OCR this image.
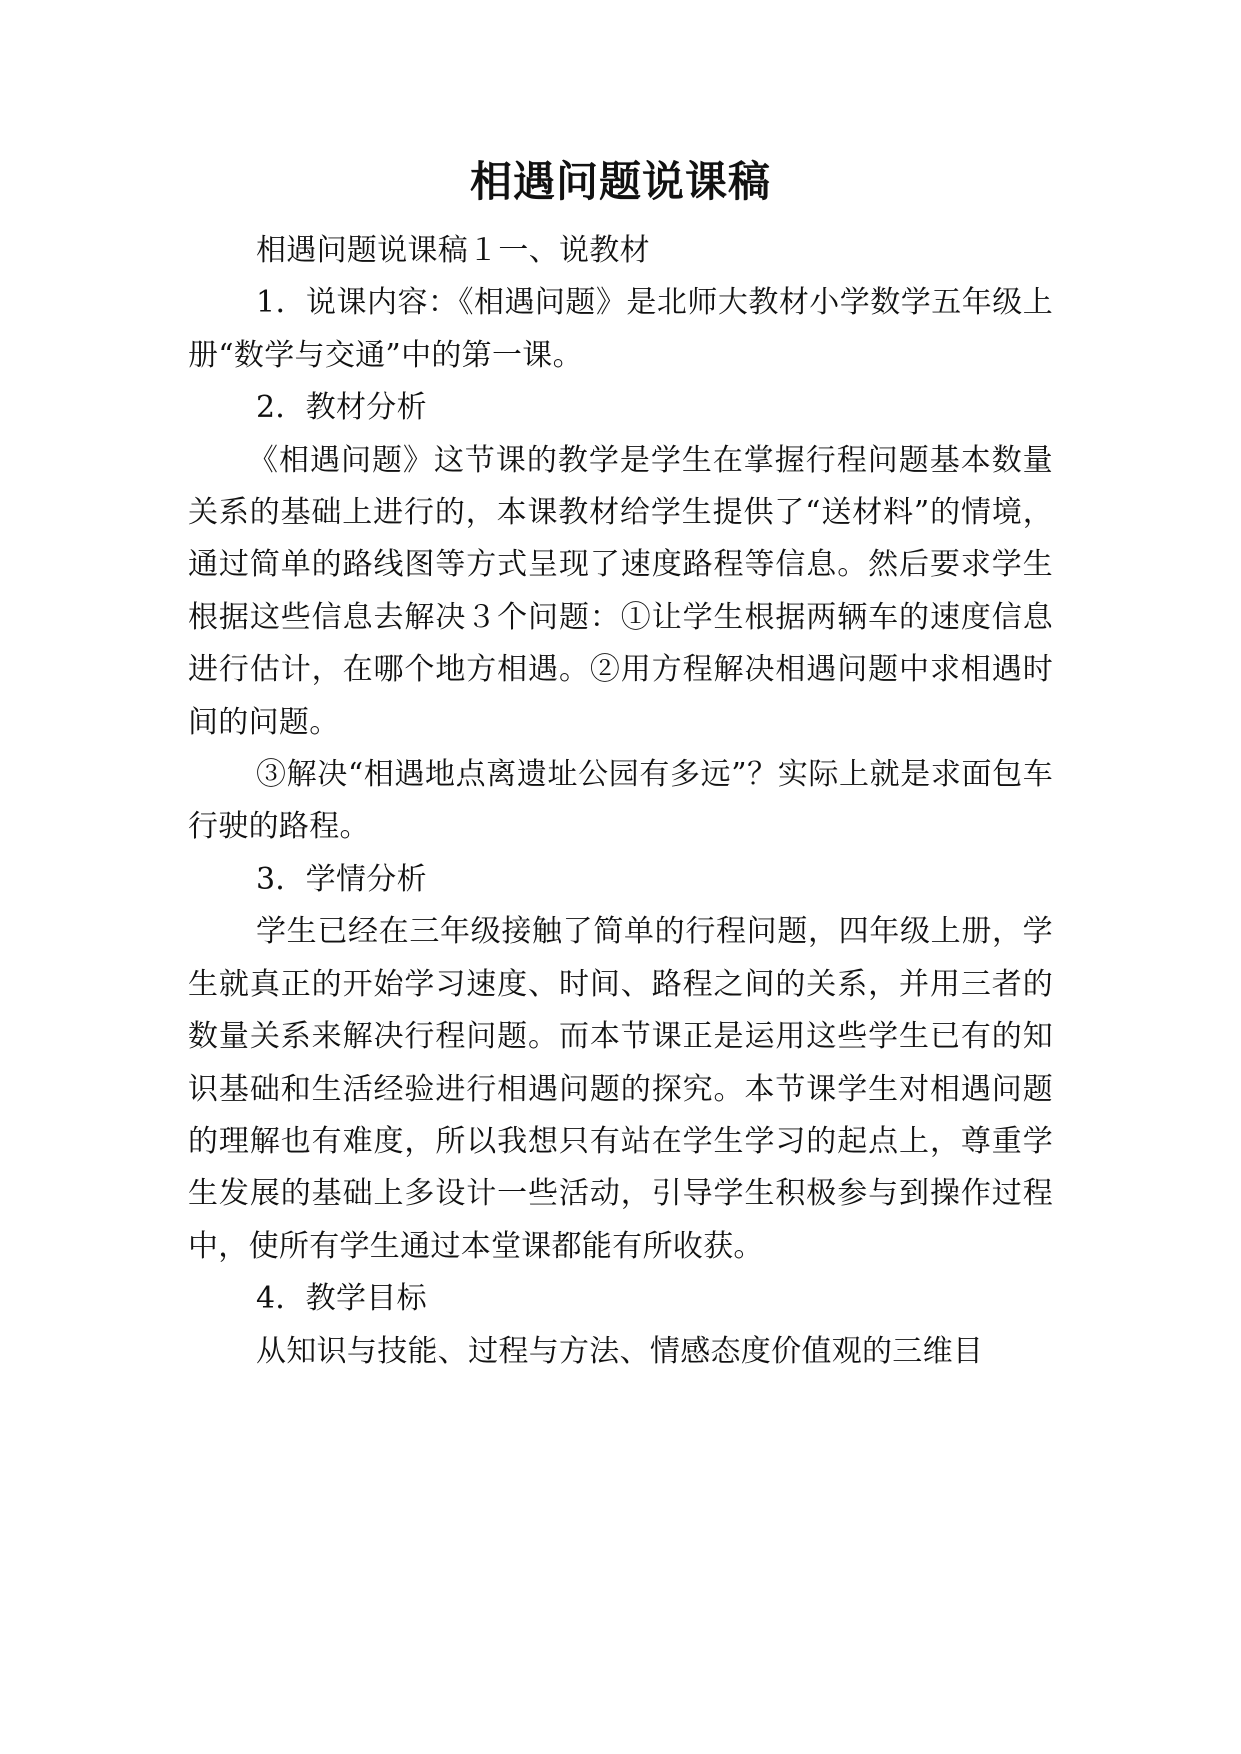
相遇问题说课稿

相遇问题说课稿１一、说教材

1．说课内容：《相遇问题》是北师大教材小学数学五年级上册“数学与交通”中的第一课。

2．教材分析

《相遇问题》这节课的教学是学生在掌握行程问题基本数量关系的基础上进行的，本课教材给学生提供了“送材料”的情境，通过简单的路线图等方式呈现了速度路程等信息。然后要求学生根据这些信息去解决３个问题：①让学生根据两辆车的速度信息进行估计，在哪个地方相遇。②用方程解决相遇问题中求相遇时间的问题。

③解决“相遇地点离遗址公园有多远”？实际上就是求面包车行驶的路程。

3．学情分析

学生已经在三年级接触了简单的行程问题，四年级上册，学生就真正的开始学习速度、时间、路程之间的关系，并用三者的数量关系来解决行程问题。而本节课正是运用这些学生已有的知识基础和生活经验进行相遇问题的探究。本节课学生对相遇问题的理解也有难度，所以我想只有站在学生学习的起点上，尊重学生发展的基础上多设计一些活动，引导学生积极参与到操作过程中，使所有学生通过本堂课都能有所收获。

4．教学目标

从知识与技能、过程与方法、情感态度价值观的三维目
